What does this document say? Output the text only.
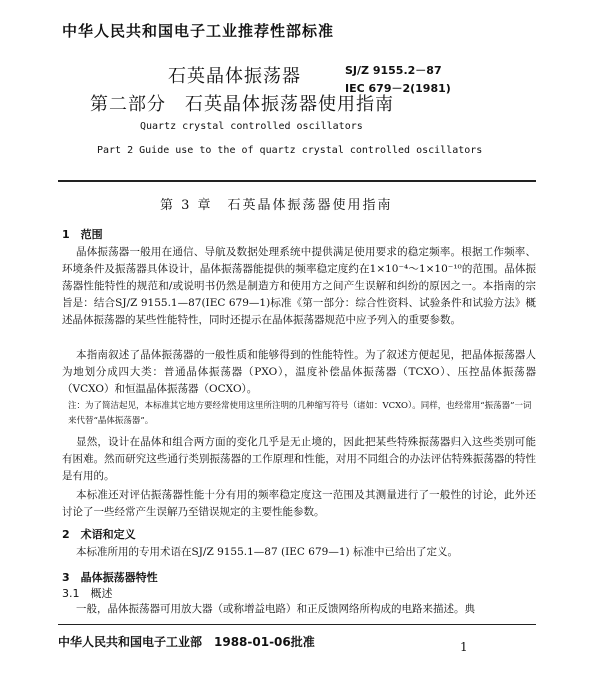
中华人民共和国电子工业推荐性部标准
石英晶体振荡器
第二部分　石英晶体振荡器使用指南
SJ/Z 9155.2－87
IEC 679－2(1981)
Quartz crystal controlled oscillators
Part 2 Guide use to the of quartz crystal controlled oscillators
第 3 章　石英晶体振荡器使用指南
1　范围
晶体振荡器一般用在通信、导航及数据处理系统中提供满足使用要求的稳定频率。根据工作频率、环境条件及振荡器具体设计，晶体振荡器能提供的频率稳定度约在1×10⁻⁴～1×10⁻¹⁰的范围。晶体振荡器性能特性的规范和/或说明书仍然是制造方和使用方之间产生误解和纠纷的原因之一。本指南的宗旨是：结合SJ/Z 9155.1—87(IEC 679—1)标准《第一部分：综合性资料、试验条件和试验方法》概述晶体振荡器的某些性能特性，同时还提示在晶体振荡器规范中应予列入的重要参数。
本指南叙述了晶体振荡器的一般性质和能够得到的性能特性。为了叙述方便起见，把晶体振荡器人为地划分成四大类：普通晶体振荡器（PXO），温度补偿晶体振荡器（TCXO）、压控晶体振荡器（VCXO）和恒温晶体振荡器（OCXO）。
注：为了简洁起见，本标准其它地方要经常使用这里所注明的几种缩写符号（诸如：VCXO）。同样，也经常用“振荡器”一词来代替“晶体振荡器”。
显然，设计在晶体和组合两方面的变化几乎是无止境的，因此把某些特殊振荡器归入这些类别可能有困难。然而研究这些通行类别振荡器的工作原理和性能，对用不同组合的办法评估特殊振荡器的特性是有用的。
本标准还对评估振荡器性能十分有用的频率稳定度这一范围及其测量进行了一般性的讨论，此外还讨论了一些经常产生误解乃至错误规定的主要性能参数。
2　术语和定义
本标准所用的专用术语在SJ/Z 9155.1—87 (IEC 679—1) 标准中已给出了定义。
3　晶体振荡器特性
3.1　概述
一般，晶体振荡器可用放大器（或称增益电路）和正反馈网络所构成的电路来描述。典
中华人民共和国电子工业部　1988-01-06批准	1
